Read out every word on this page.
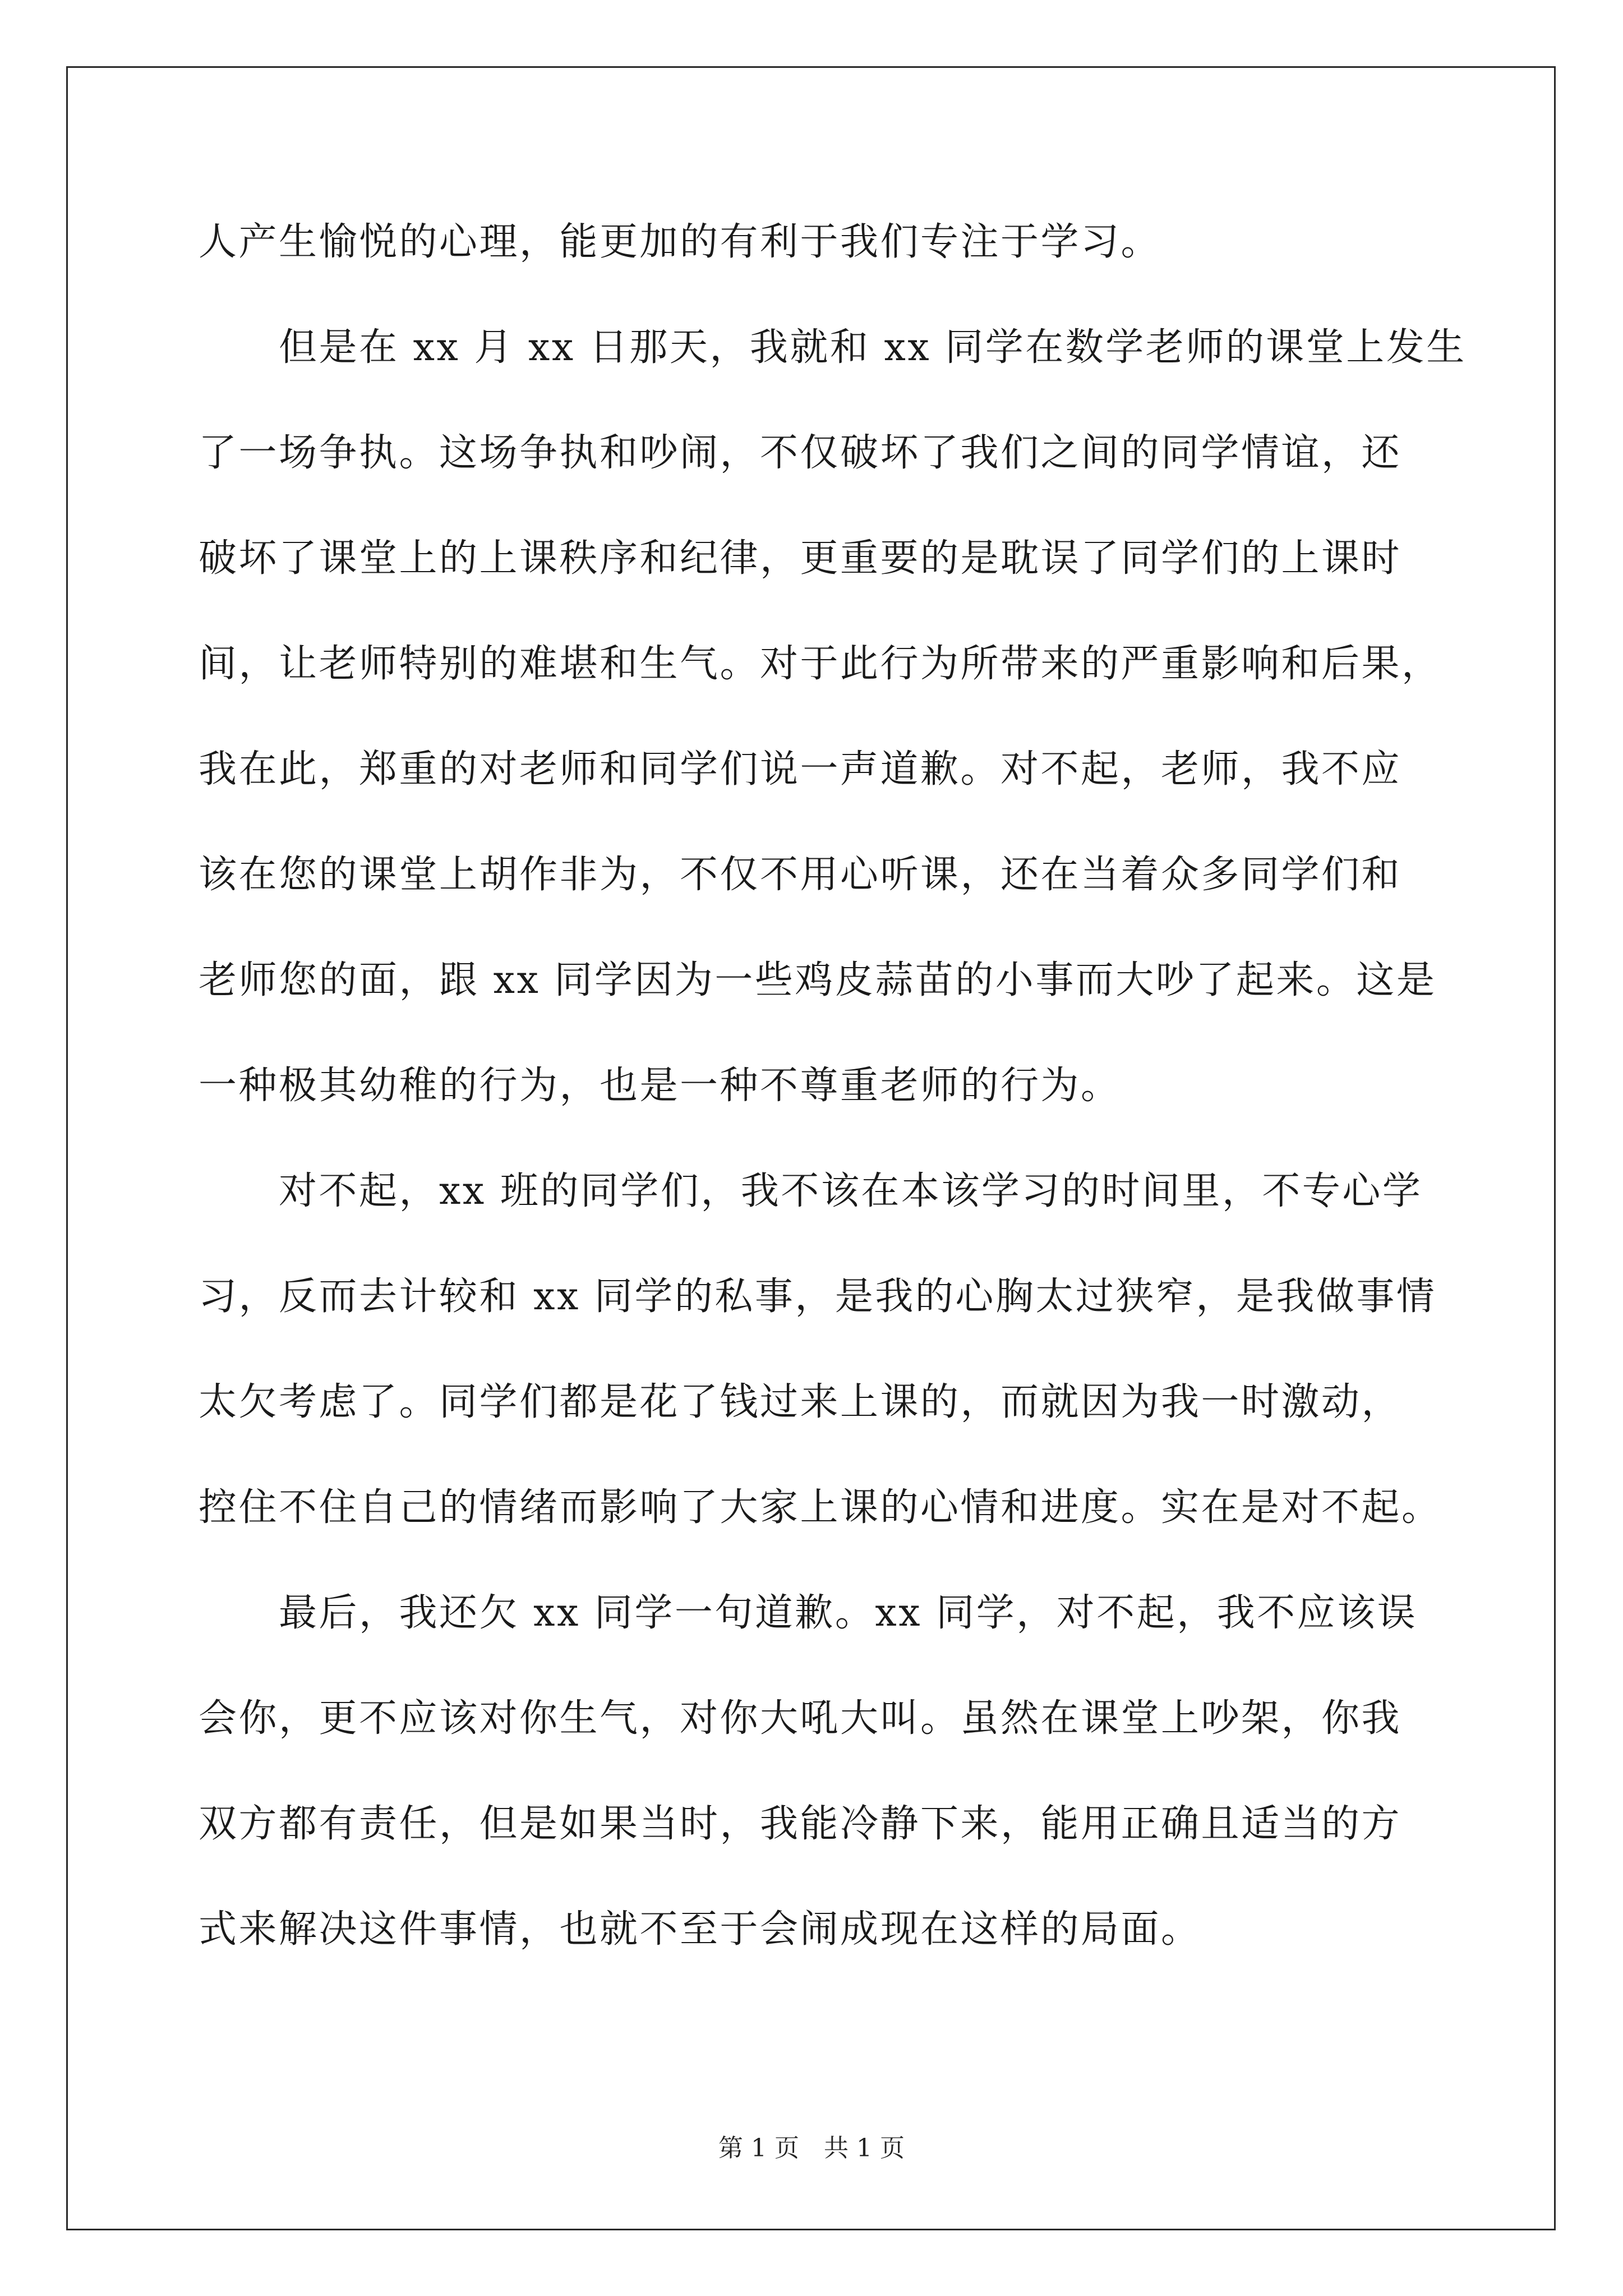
人产生愉悦的心理，能更加的有利于我们专注于学习。
　　但是在 xx 月 xx 日那天，我就和 xx 同学在数学老师的课堂上发生
了一场争执。这场争执和吵闹，不仅破坏了我们之间的同学情谊，还
破坏了课堂上的上课秩序和纪律，更重要的是耽误了同学们的上课时
间，让老师特别的难堪和生气。对于此行为所带来的严重影响和后果，
我在此，郑重的对老师和同学们说一声道歉。对不起，老师，我不应
该在您的课堂上胡作非为，不仅不用心听课，还在当着众多同学们和
老师您的面，跟 xx 同学因为一些鸡皮蒜苗的小事而大吵了起来。这是
一种极其幼稚的行为，也是一种不尊重老师的行为。
　　对不起，xx 班的同学们，我不该在本该学习的时间里，不专心学
习，反而去计较和 xx 同学的私事，是我的心胸太过狭窄，是我做事情
太欠考虑了。同学们都是花了钱过来上课的，而就因为我一时激动，
控住不住自己的情绪而影响了大家上课的心情和进度。实在是对不起。
　　最后，我还欠 xx 同学一句道歉。xx 同学，对不起，我不应该误
会你，更不应该对你生气，对你大吼大叫。虽然在课堂上吵架，你我
双方都有责任，但是如果当时，我能冷静下来，能用正确且适当的方
式来解决这件事情，也就不至于会闹成现在这样的局面。
第 1 页　共 1 页
